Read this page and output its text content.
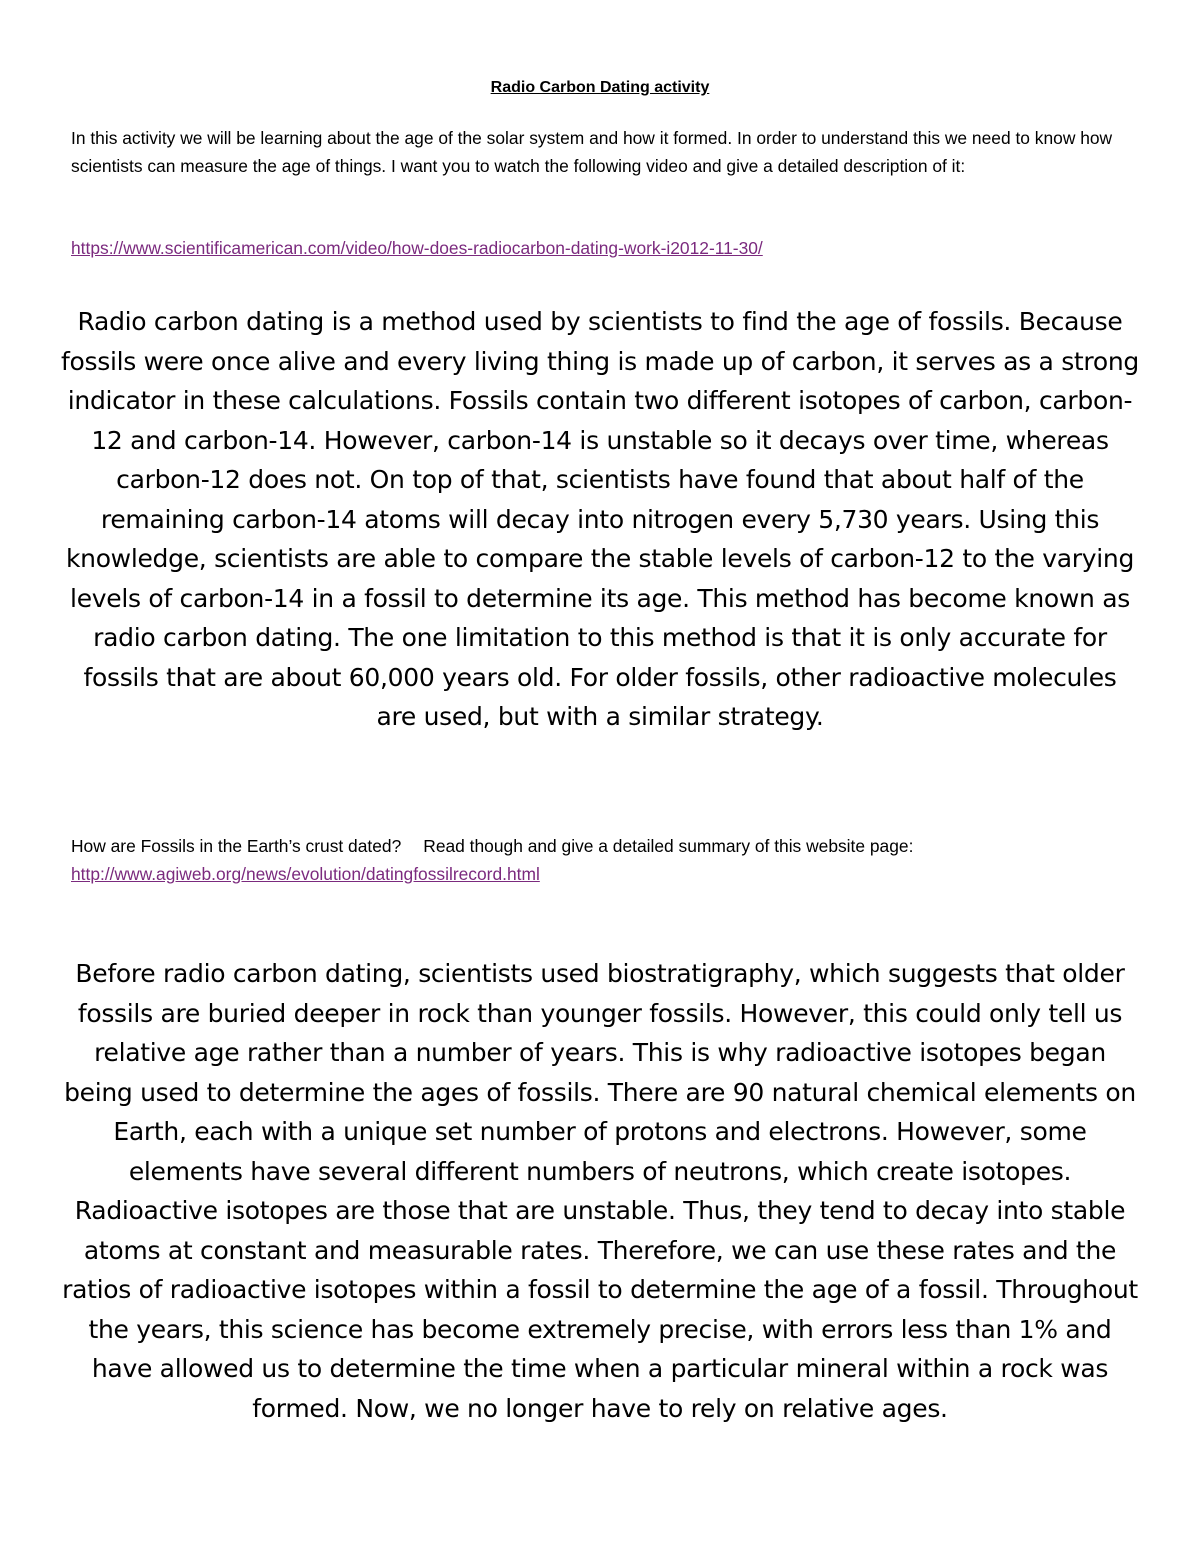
Radio Carbon Dating activity
In this activity we will be learning about the age of the solar system and how it formed. In order to understand this we need to know how scientists can measure the age of things. I want you to watch the following video and give a detailed description of it:
https://www.scientificamerican.com/video/how-does-radiocarbon-dating-work-i2012-11-30/
Radio carbon dating is a method used by scientists to find the age of fossils. Because fossils were once alive and every living thing is made up of carbon, it serves as a strong indicator in these calculations. Fossils contain two different isotopes of carbon, carbon-12 and carbon-14. However, carbon-14 is unstable so it decays over time, whereas carbon-12 does not. On top of that, scientists have found that about half of the remaining carbon-14 atoms will decay into nitrogen every 5,730 years. Using this knowledge, scientists are able to compare the stable levels of carbon-12 to the varying levels of carbon-14 in a fossil to determine its age. This method has become known as radio carbon dating. The one limitation to this method is that it is only accurate for fossils that are about 60,000 years old. For older fossils, other radioactive molecules are used, but with a similar strategy.
How are Fossils in the Earth’s crust dated? Read though and give a detailed summary of this website page:
http://www.agiweb.org/news/evolution/datingfossilrecord.html
Before radio carbon dating, scientists used biostratigraphy, which suggests that older fossils are buried deeper in rock than younger fossils. However, this could only tell us relative age rather than a number of years. This is why radioactive isotopes began being used to determine the ages of fossils. There are 90 natural chemical elements on Earth, each with a unique set number of protons and electrons. However, some elements have several different numbers of neutrons, which create isotopes. Radioactive isotopes are those that are unstable. Thus, they tend to decay into stable atoms at constant and measurable rates. Therefore, we can use these rates and the ratios of radioactive isotopes within a fossil to determine the age of a fossil. Throughout the years, this science has become extremely precise, with errors less than 1% and have allowed us to determine the time when a particular mineral within a rock was formed. Now, we no longer have to rely on relative ages.
